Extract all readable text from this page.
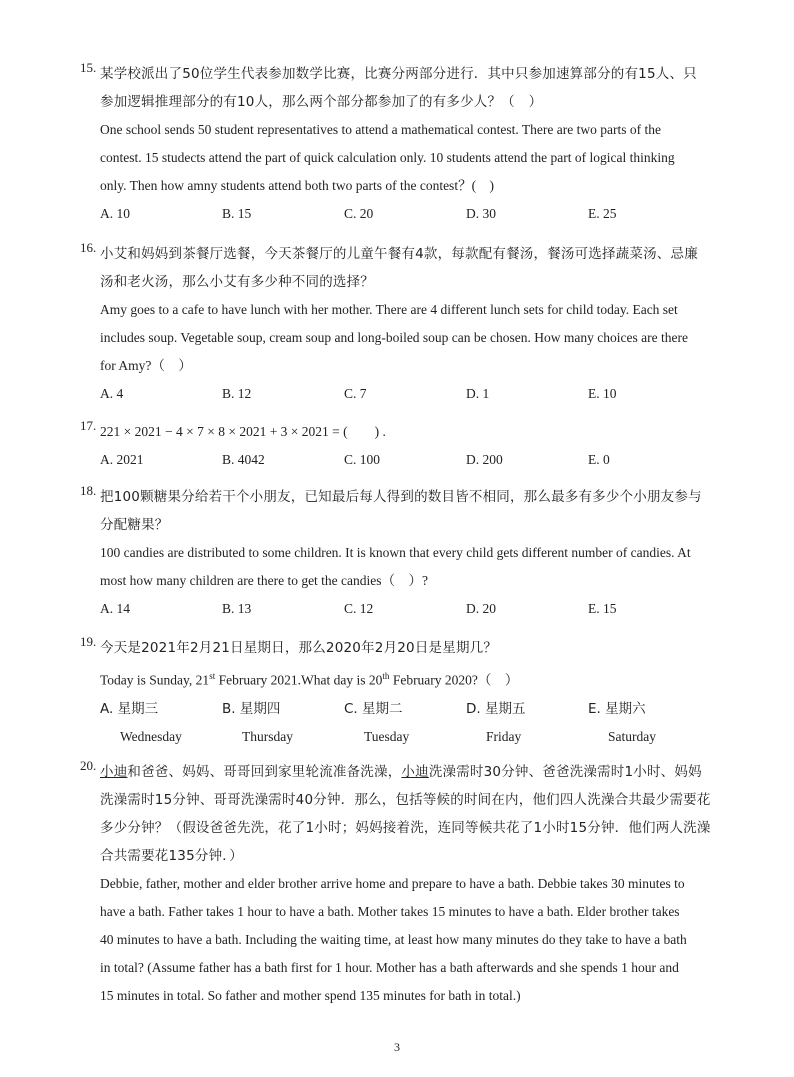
15. 某学校派出了50位学生代表参加数学比赛，比赛分两部分进行．其中只参加速算部分的有15人、只
参加逻辑推理部分的有10人，那么两个部分都参加了的有多少人？（　）
One school sends 50 student representatives to attend a mathematical contest. There are two parts of the
contest. 15 studects attend the part of quick calculation only. 10 students attend the part of logical thinking
only. Then how amny students attend both two parts of the contest？(　)
A. 10	B. 15	C. 20	D. 30	E. 25
16. 小艾和妈妈到茶餐厅选餐，今天茶餐厅的儿童午餐有4款，每款配有餐汤，餐汤可选择蔬菜汤、忌廉
汤和老火汤，那么小艾有多少种不同的选择？
Amy goes to a cafe to have lunch with her mother. There are 4 different lunch sets for child today. Each set
includes soup. Vegetable soup, cream soup and long-boiled soup can be chosen. How many choices are there
for Amy?（　）
A. 4	B. 12	C. 7	D. 1	E. 10
17. 221 × 2021 − 4 × 7 × 8 × 2021 + 3 × 2021 = (　　) .
A. 2021	B. 4042	C. 100	D. 200	E. 0
18. 把100颗糖果分给若干个小朋友，已知最后每人得到的数目皆不相同，那么最多有多少个小朋友参与
分配糖果？
100 candies are distributed to some children. It is known that every child gets different number of candies. At
most how many children are there to get the candies（　）?
A. 14	B. 13	C. 12	D. 20	E. 15
19. 今天是2021年2月21日星期日，那么2020年2月20日是星期几？
Today is Sunday, 21st February 2021.What day is 20th February 2020?（　）
A. 星期三	B. 星期四	C. 星期二	D. 星期五	E. 星期六
Wednesday	Thursday	Tuesday	Friday	Saturday
20. 小迪和爸爸、妈妈、哥哥回到家里轮流准备洗澡，小迪洗澡需时30分钟、爸爸洗澡需时1小时、妈妈
洗澡需时15分钟、哥哥洗澡需时40分钟．那么，包括等候的时间在内，他们四人洗澡合共最少需要花
多少分钟？（假设爸爸先洗，花了1小时；妈妈接着洗，连同等候共花了1小时15分钟．他们两人洗澡
合共需要花135分钟．）
Debbie, father, mother and elder brother arrive home and prepare to have a bath. Debbie takes 30 minutes to
have a bath. Father takes 1 hour to have a bath. Mother takes 15 minutes to have a bath. Elder brother takes
40 minutes to have a bath. Including the waiting time, at least how many minutes do they take to have a bath
in total? (Assume father has a bath first for 1 hour. Mother has a bath afterwards and she spends 1 hour and
15 minutes in total. So father and mother spend 135 minutes for bath in total.)
3
